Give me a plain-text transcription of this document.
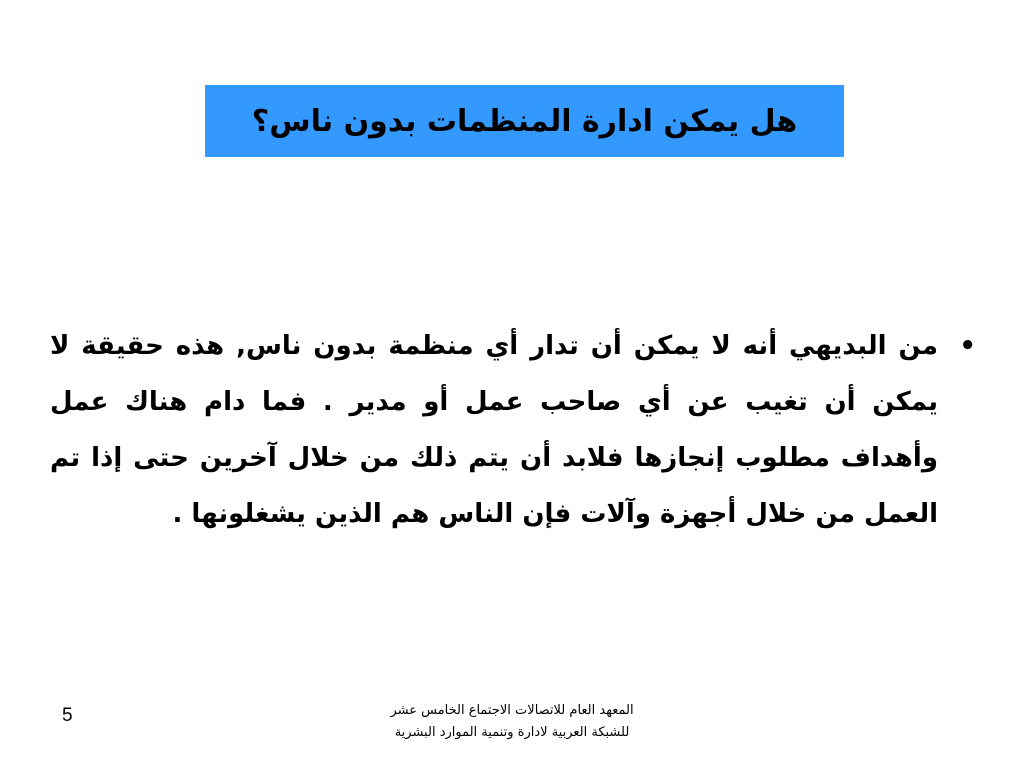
هل يمكن ادارة المنظمات بدون ناس؟
•
من البديهي أنه لا يمكن أن تدار أي منظمة بدون ناس, هذه حقيقة لا يمكن أن تغيب عن أي صاحب عمل أو مدير . فما دام هناك عمل وأهداف مطلوب إنجازها فلابد أن يتم ذلك من خلال آخرين حتى إذا تم العمل من خلال أجهزة وآلات فإن الناس هم الذين يشغلونها .
المعهد العام للاتصالات الاجتماع الخامس عشر
للشبكة العربية لادارة وتنمية الموارد البشرية
5
